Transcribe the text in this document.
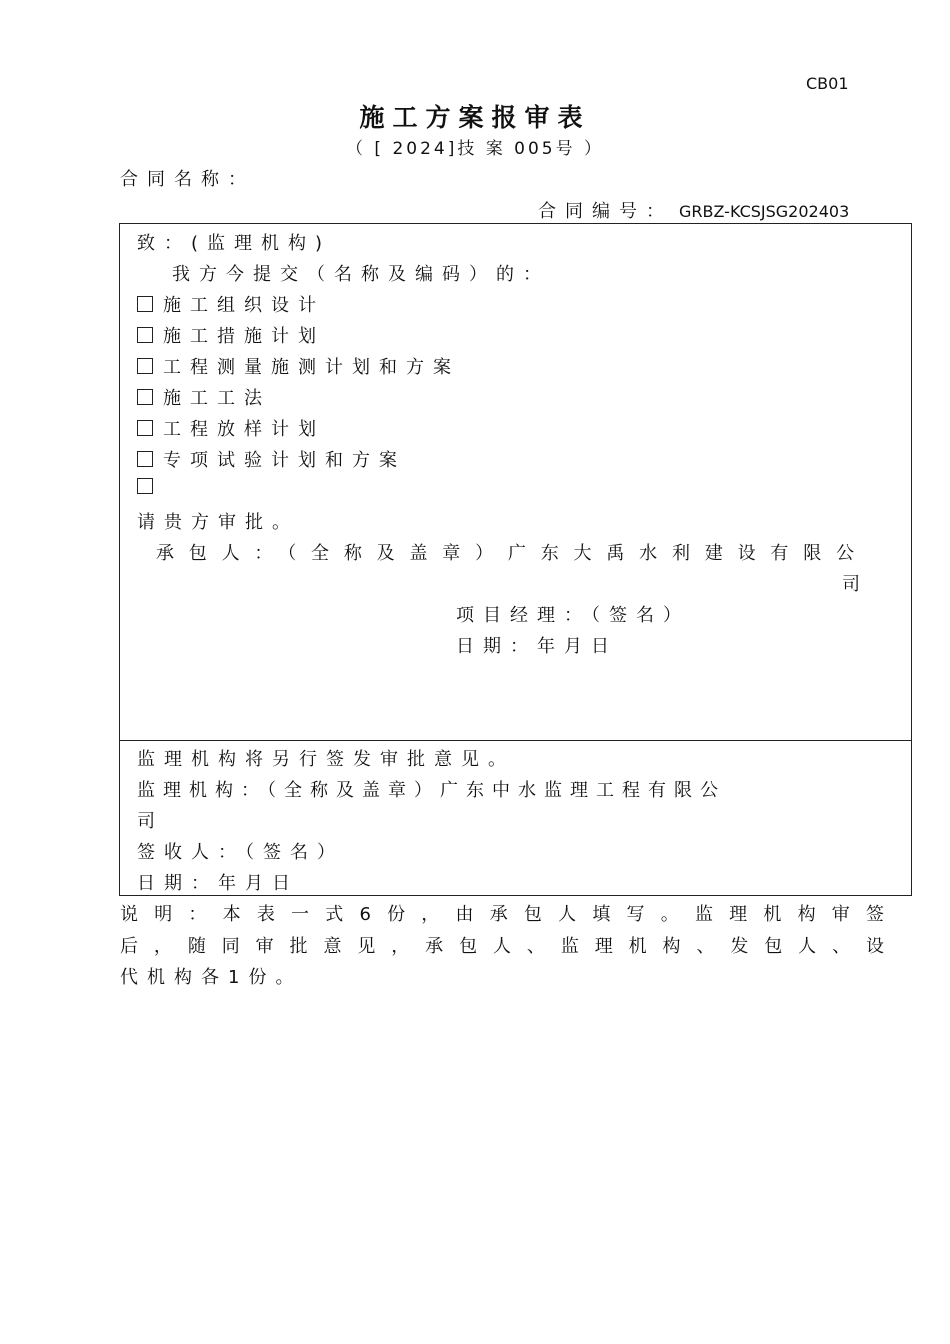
CB01
施工方案报审表
（ [ 2024]技 案 005号 ）
合同名称：
合同编号： GRBZ-KCSJSG202403
致：(监理机构)
我方今提交（名称及编码）的：
施工组织设计
施工措施计划
工程测量施测计划和方案
施工工法
工程放样计划
专项试验计划和方案
请贵方审批。
承包人：（全称及盖章）广东大禹水利建设有限公
司
项目经理：（签名）
日期：年月日
监理机构将另行签发审批意见。
监理机构：（全称及盖章）广东中水监理工程有限公
司
签收人：（签名）
日期：年月日
说明：本表一式6份，由承包人填写。监理机构审签
后，随同审批意见，承包人、监理机构、发包人、设
代机构各1份。
